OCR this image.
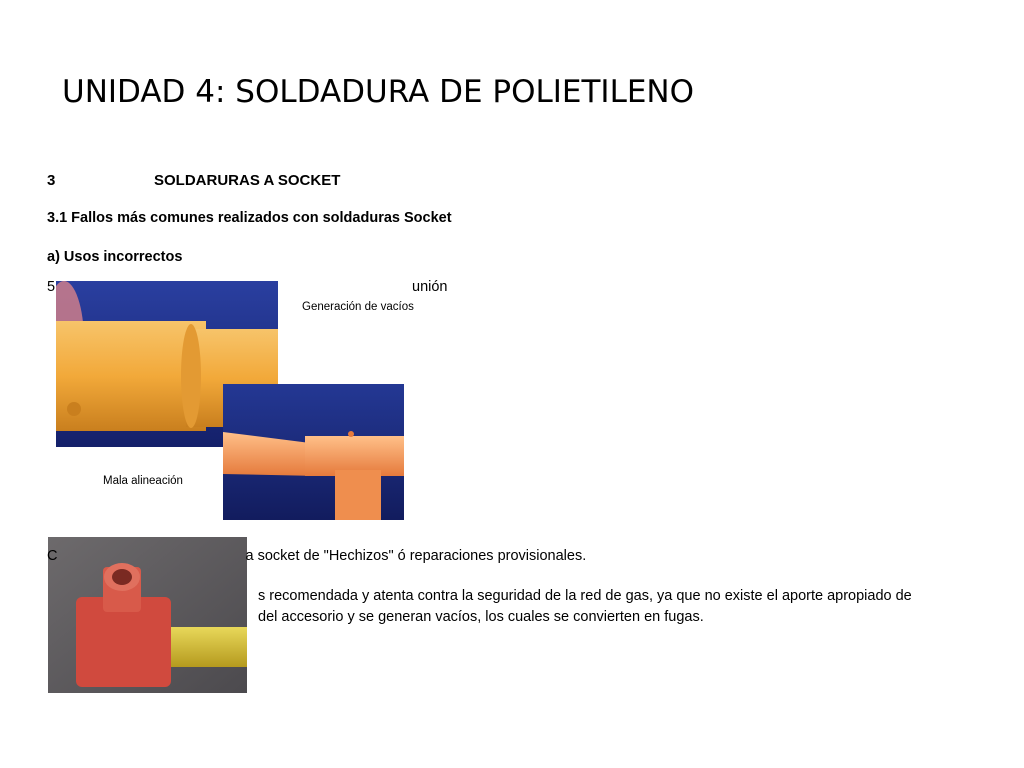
UNIDAD 4: SOLDADURA DE POLIETILENO
3	SOLDARURAS A SOCKET
3.1 Fallos más comunes realizados con soldaduras Socket
a) Usos incorrectos
5	unión
Generación de vacíos
Mala alineación
C	a socket de "Hechizos" ó reparaciones provisionales.
s recomendada y atenta contra la seguridad de la red de gas, ya que no existe el aporte apropiado de
del accesorio y se generan vacíos, los cuales se convierten en fugas.
